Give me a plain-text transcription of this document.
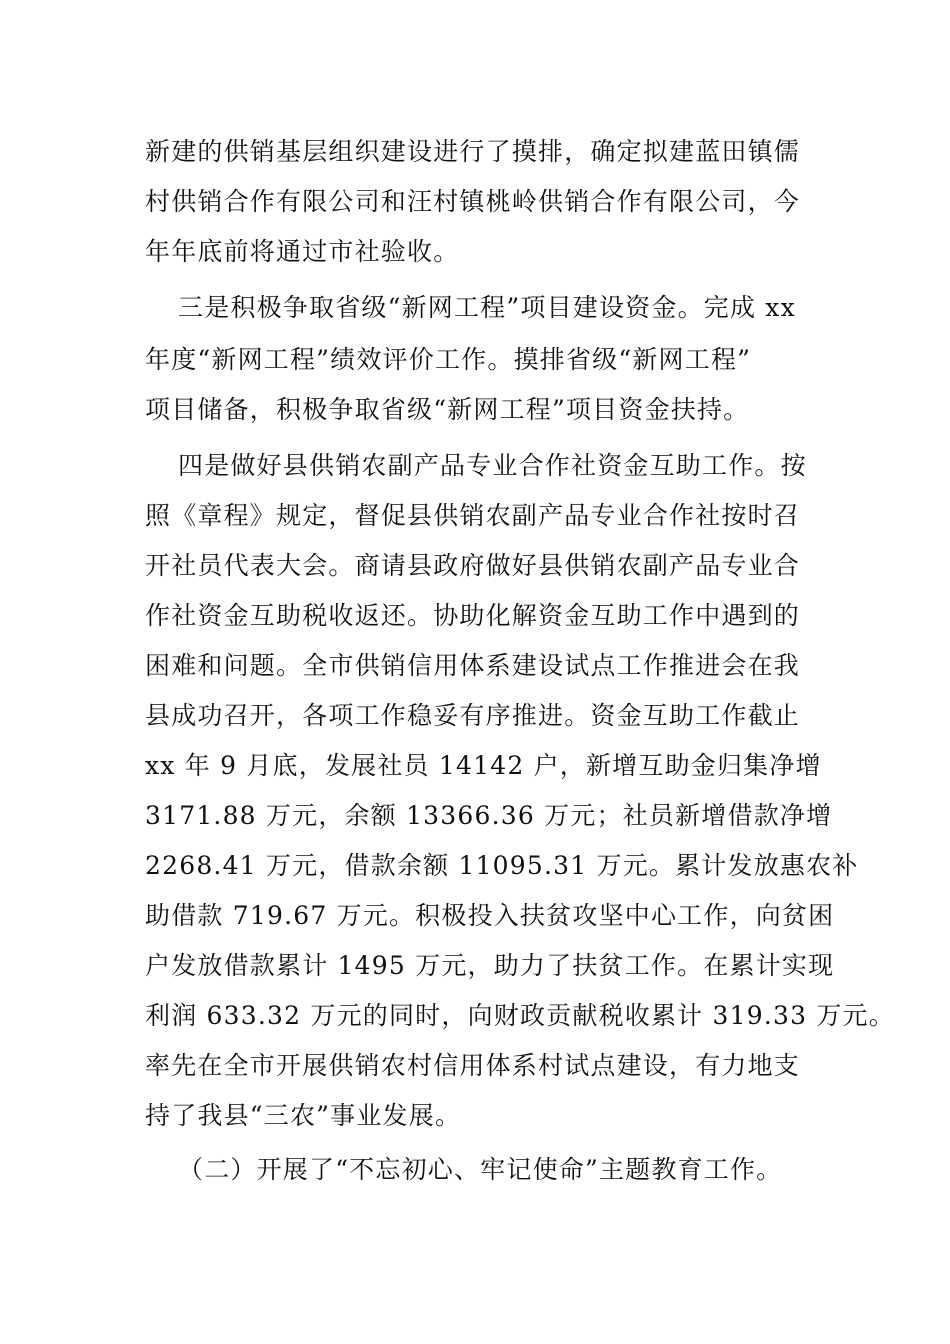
新建的供销基层组织建设进行了摸排，确定拟建蓝田镇儒
村供销合作有限公司和汪村镇桃岭供销合作有限公司，今
年年底前将通过市社验收。
三是积极争取省级“新网工程”项目建设资金。完成 xx
年度“新网工程”绩效评价工作。摸排省级“新网工程”
项目储备，积极争取省级“新网工程”项目资金扶持。
四是做好县供销农副产品专业合作社资金互助工作。按
照《章程》规定，督促县供销农副产品专业合作社按时召
开社员代表大会。商请县政府做好县供销农副产品专业合
作社资金互助税收返还。协助化解资金互助工作中遇到的
困难和问题。全市供销信用体系建设试点工作推进会在我
县成功召开，各项工作稳妥有序推进。资金互助工作截止
xx 年 9 月底，发展社员 14142 户，新增互助金归集净增
3171.88 万元，余额 13366.36 万元；社员新增借款净增
2268.41 万元，借款余额 11095.31 万元。累计发放惠农补
助借款 719.67 万元。积极投入扶贫攻坚中心工作，向贫困
户发放借款累计 1495 万元，助力了扶贫工作。在累计实现
利润 633.32 万元的同时，向财政贡献税收累计 319.33 万元。
率先在全市开展供销农村信用体系村试点建设，有力地支
持了我县“三农”事业发展。
（二）开展了“不忘初心、牢记使命”主题教育工作。
